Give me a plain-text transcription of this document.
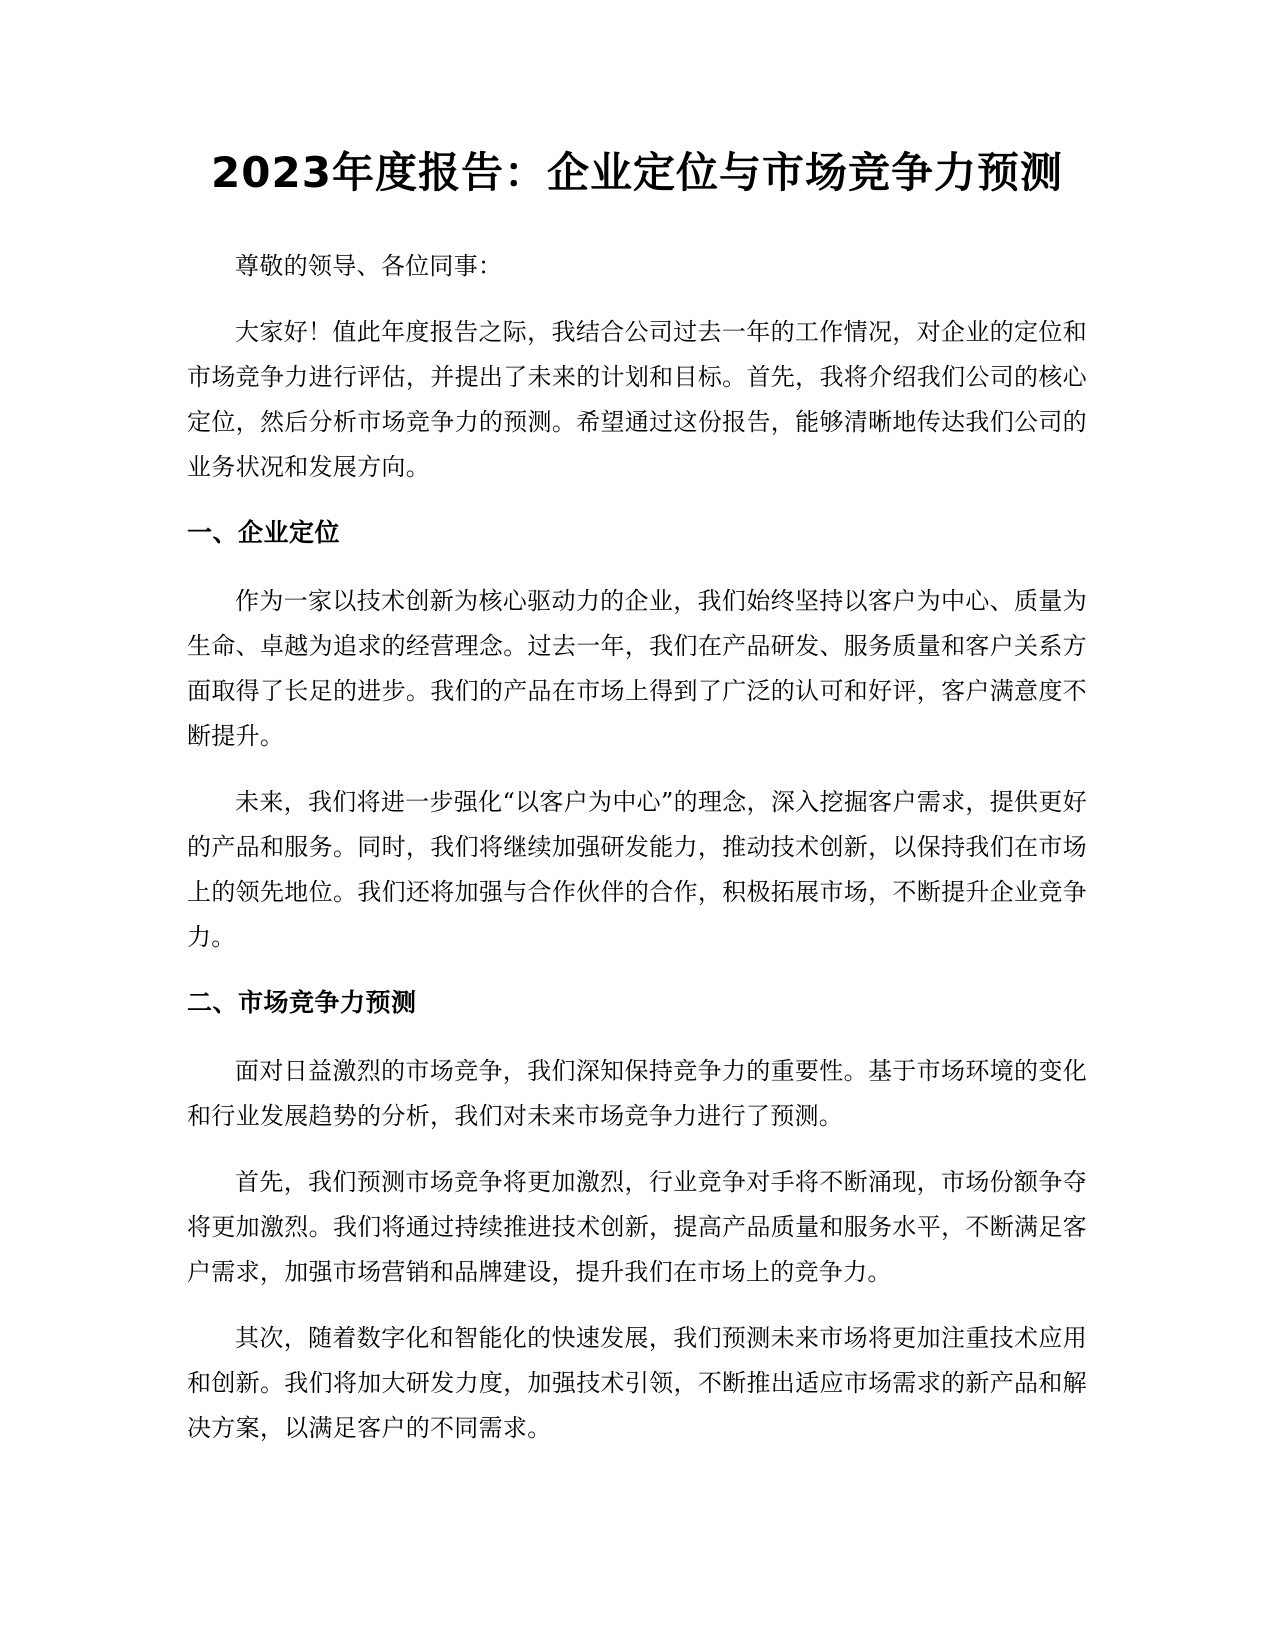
2023年度报告：企业定位与市场竞争力预测

尊敬的领导、各位同事：

大家好！值此年度报告之际，我结合公司过去一年的工作情况，对企业的定位和市场竞争力进行评估，并提出了未来的计划和目标。首先，我将介绍我们公司的核心定位，然后分析市场竞争力的预测。希望通过这份报告，能够清晰地传达我们公司的业务状况和发展方向。

一、企业定位

作为一家以技术创新为核心驱动力的企业，我们始终坚持以客户为中心、质量为生命、卓越为追求的经营理念。过去一年，我们在产品研发、服务质量和客户关系方面取得了长足的进步。我们的产品在市场上得到了广泛的认可和好评，客户满意度不断提升。

未来，我们将进一步强化“以客户为中心”的理念，深入挖掘客户需求，提供更好的产品和服务。同时，我们将继续加强研发能力，推动技术创新，以保持我们在市场上的领先地位。我们还将加强与合作伙伴的合作，积极拓展市场，不断提升企业竞争力。

二、市场竞争力预测

面对日益激烈的市场竞争，我们深知保持竞争力的重要性。基于市场环境的变化和行业发展趋势的分析，我们对未来市场竞争力进行了预测。

首先，我们预测市场竞争将更加激烈，行业竞争对手将不断涌现，市场份额争夺将更加激烈。我们将通过持续推进技术创新，提高产品质量和服务水平，不断满足客户需求，加强市场营销和品牌建设，提升我们在市场上的竞争力。

其次，随着数字化和智能化的快速发展，我们预测未来市场将更加注重技术应用和创新。我们将加大研发力度，加强技术引领，不断推出适应市场需求的新产品和解决方案，以满足客户的不同需求。
